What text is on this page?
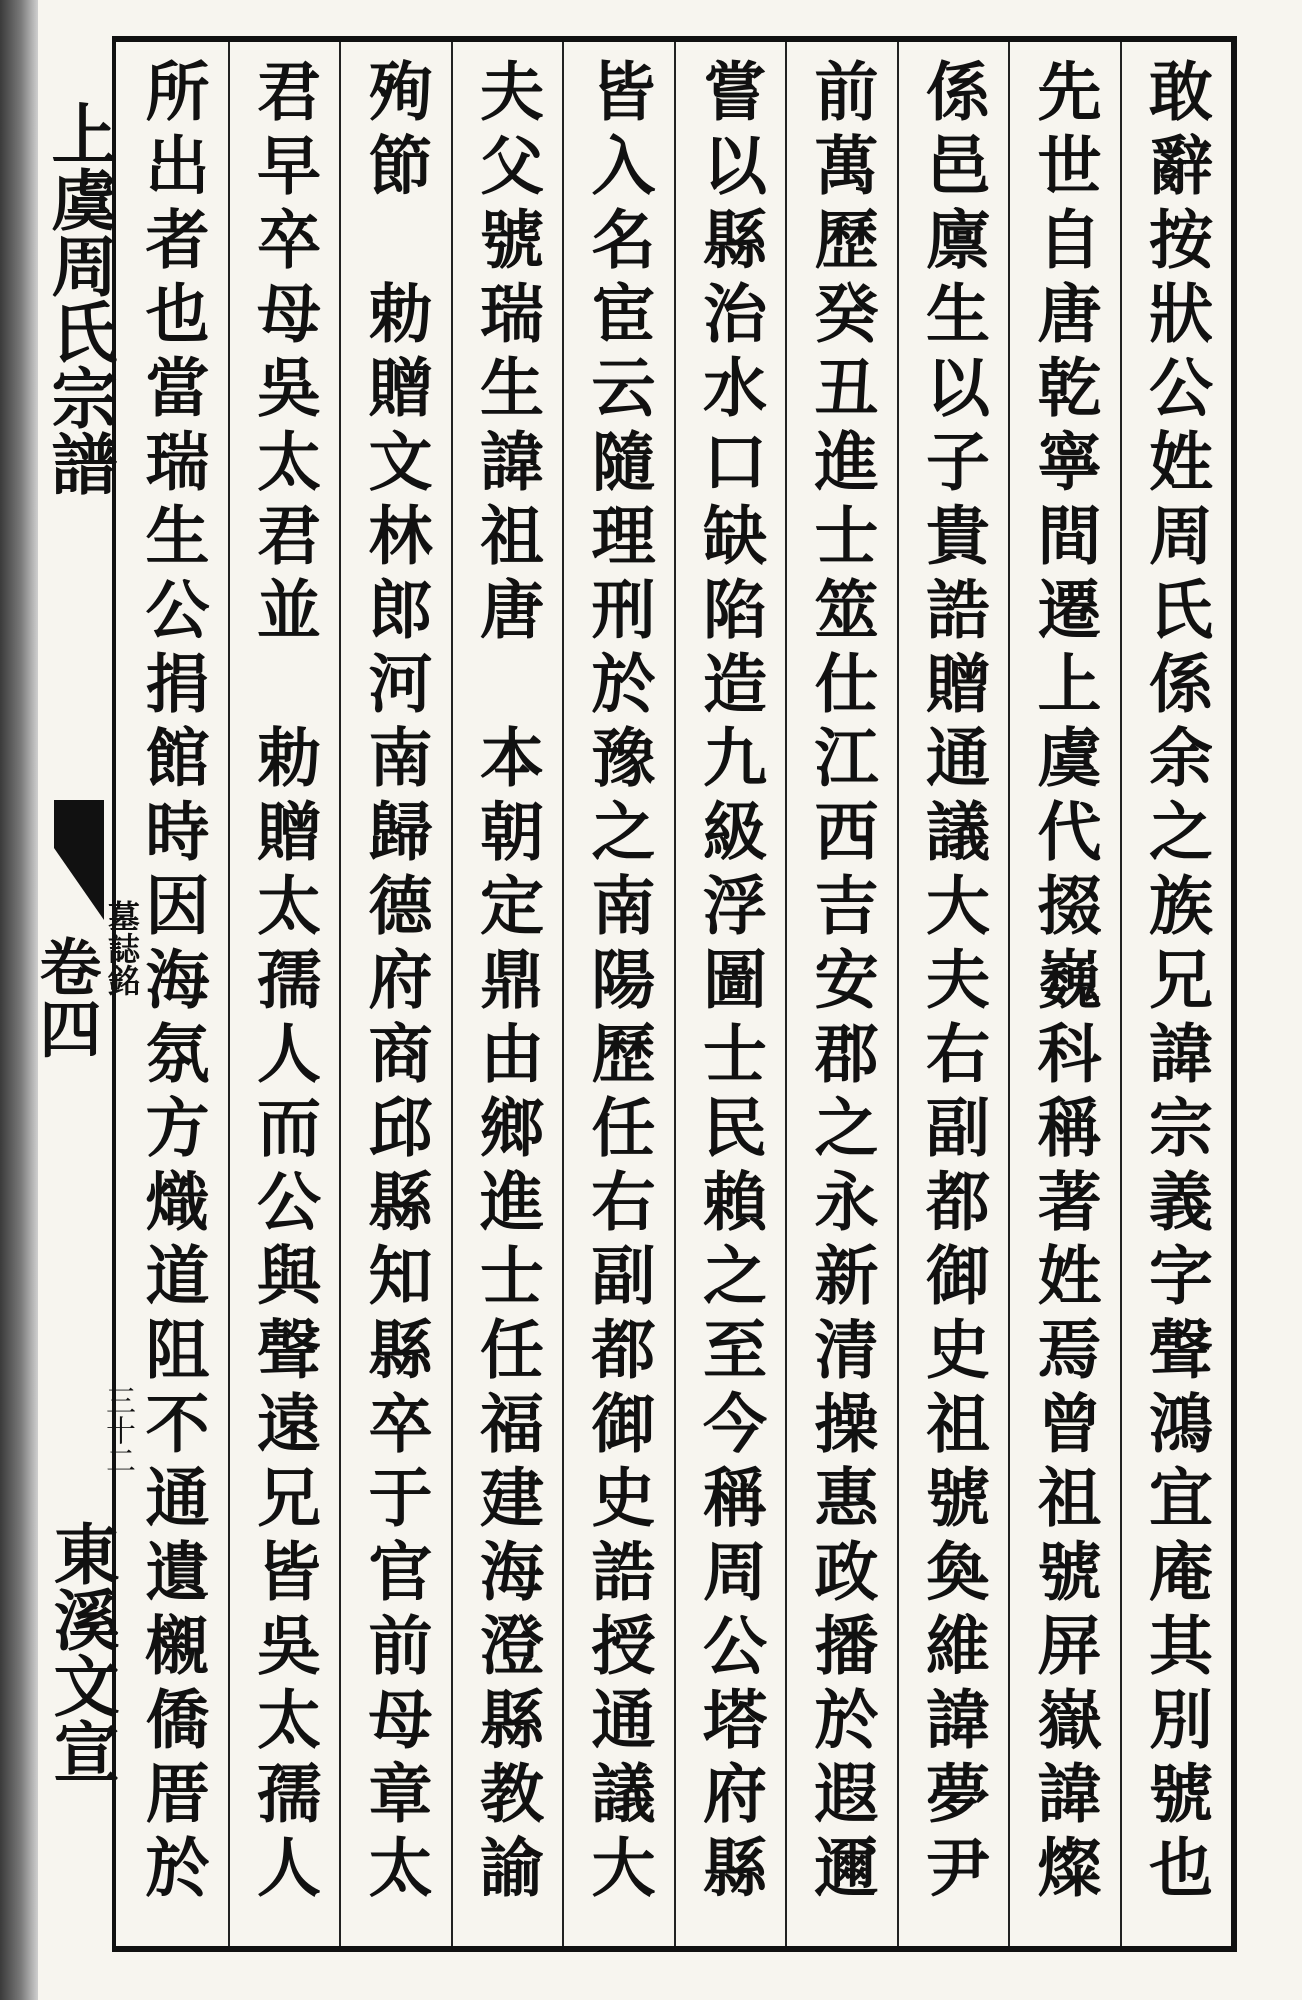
上虞周氏宗譜
卷四 墓誌銘
三十二
東溪文宣	敢辭按狀公姓周氏係余之族兄諱宗義字聲鴻宜庵其別號也
先世自唐乾寧間遷上虞代掇巍科稱著姓焉曾祖號屏嶽諱燦
係邑廪生以子貴誥贈通議大夫右副都御史祖號奐維諱夢尹
前萬歷癸丑進士筮仕江西吉安郡之永新清操惠政播於遐邇
嘗以縣治水口缺陷造九級浮圖士民賴之至今稱周公塔府縣
皆入名宦云隨理刑於豫之南陽歷任右副都御史誥授通議大
夫父號瑞生諱祖唐　本朝定鼎由鄉進士任福建海澄縣教諭
殉節　勅贈文林郎河南歸德府商邱縣知縣卒于官前母章太
君早卒母吳太君並　勅贈太孺人而公與聲遠兄皆吳太孺人
所出者也當瑞生公捐館時因海氛方熾道阻不通遺櫬僑厝於
